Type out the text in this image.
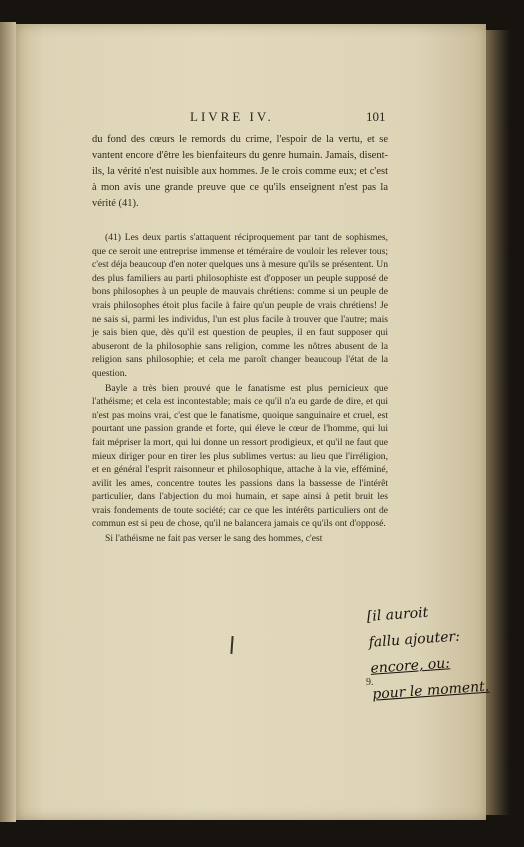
LIVRE IV.	101

du fond des cœurs le remords du crime, l'espoir de la vertu, et se vantent encore d'être les bienfaiteurs du genre humain. Jamais, disent-ils, la vérité n'est nuisible aux hommes. Je le crois comme eux; et c'est à mon avis une grande preuve que ce qu'ils enseignent n'est pas la vérité (41).

(41) Les deux partis s'attaquent réciproquement par tant de sophismes, que ce seroit une entreprise immense et téméraire de vouloir les relever tous; c'est déja beaucoup d'en noter quelques uns à mesure qu'ils se présentent. Un des plus familiers au parti philosophiste est d'opposer un peuple supposé de bons philosophes à un peuple de mauvais chrétiens: comme si un peuple de vrais philosophes étoit plus facile à faire qu'un peuple de vrais chrétiens! Je ne sais si, parmi les individus, l'un est plus facile à trouver que l'autre; mais je sais bien que, dès qu'il est question de peuples, il en faut supposer qui abuseront de la philosophie sans religion, comme les nôtres abusent de la religion sans philosophie; et cela me paroît changer beaucoup l'état de la question.

Bayle a très bien prouvé que le fanatisme est plus pernicieux que l'athéisme; et cela est incontestable; mais ce qu'il n'a eu garde de dire, et qui n'est pas moins vrai, c'est que le fanatisme, quoique sanguinaire et cruel, est pourtant une passion grande et forte, qui éleve le cœur de l'homme, qui lui fait mépriser la mort, qui lui donne un ressort prodigieux, et qu'il ne faut que mieux diriger pour en tirer les plus sublimes vertus: au lieu que l'irréligion, et en général l'esprit raisonneur et philosophique, attache à la vie, efféminé, avilit les ames, concentre toutes les passions dans la bassesse de l'intérêt particulier, dans l'abjection du moi humain, et sape ainsi à petit bruit les vrais fondements de toute société; car ce que les intérêts particuliers ont de commun est si peu de chose, qu'il ne balancera jamais ce qu'ils ont d'opposé.

Si l'athéisme ne fait pas verser le sang des hommes, c'est

9.
[il auroit
fallu ajouter:
encore, ou:
pour le moment.
